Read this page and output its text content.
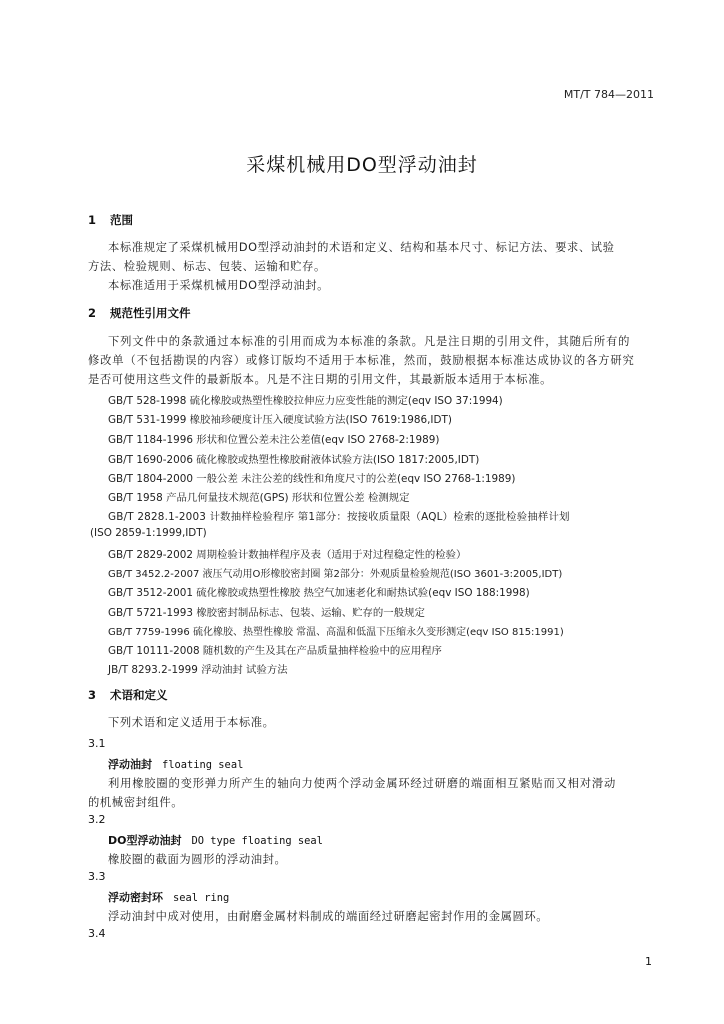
MT/T 784—2011
采煤机械用DO型浮动油封
1 范围
本标准规定了采煤机械用DO型浮动油封的术语和定义、结构和基本尺寸、标记方法、要求、试验
方法、检验规则、标志、包装、运输和贮存。
本标准适用于采煤机械用DO型浮动油封。
2 规范性引用文件
下列文件中的条款通过本标准的引用而成为本标准的条款。凡是注日期的引用文件，其随后所有的
修改单（不包括勘误的内容）或修订版均不适用于本标准，然而，鼓励根据本标准达成协议的各方研究
是否可使用这些文件的最新版本。凡是不注日期的引用文件，其最新版本适用于本标准。
GB/T 528-1998 硫化橡胶或热塑性橡胶拉伸应力应变性能的测定(eqv ISO 37:1994)
GB/T 531-1999 橡胶袖珍硬度计压入硬度试验方法(ISO 7619:1986,IDT)
GB/T 1184-1996 形状和位置公差未注公差值(eqv ISO 2768-2:1989)
GB/T 1690-2006 硫化橡胶或热塑性橡胶耐液体试验方法(ISO 1817:2005,IDT)
GB/T 1804-2000 一般公差 未注公差的线性和角度尺寸的公差(eqv ISO 2768-1:1989)
GB/T 1958 产品几何量技术规范(GPS) 形状和位置公差 检测规定
GB/T 2828.1-2003 计数抽样检验程序 第1部分：按接收质量限（AQL）检索的逐批检验抽样计划
(ISO 2859-1:1999,IDT)
GB/T 2829-2002 周期检验计数抽样程序及表（适用于对过程稳定性的检验）
GB/T 3452.2-2007 液压气动用O形橡胶密封圈 第2部分：外观质量检验规范(ISO 3601-3:2005,IDT)
GB/T 3512-2001 硫化橡胶或热塑性橡胶 热空气加速老化和耐热试验(eqv ISO 188:1998)
GB/T 5721-1993 橡胶密封制品标志、包装、运输、贮存的一般规定
GB/T 7759-1996 硫化橡胶、热塑性橡胶 常温、高温和低温下压缩永久变形测定(eqv ISO 815:1991)
GB/T 10111-2008 随机数的产生及其在产品质量抽样检验中的应用程序
JB/T 8293.2-1999 浮动油封 试验方法
3 术语和定义
下列术语和定义适用于本标准。
3.1
浮动油封 floating seal
利用橡胶圈的变形弹力所产生的轴向力使两个浮动金属环经过研磨的端面相互紧贴而又相对滑动
的机械密封组件。
3.2
DO型浮动油封 DO type floating seal
橡胶圈的截面为圆形的浮动油封。
3.3
浮动密封环 seal ring
浮动油封中成对使用，由耐磨金属材料制成的端面经过研磨起密封作用的金属圆环。
3.4
1
